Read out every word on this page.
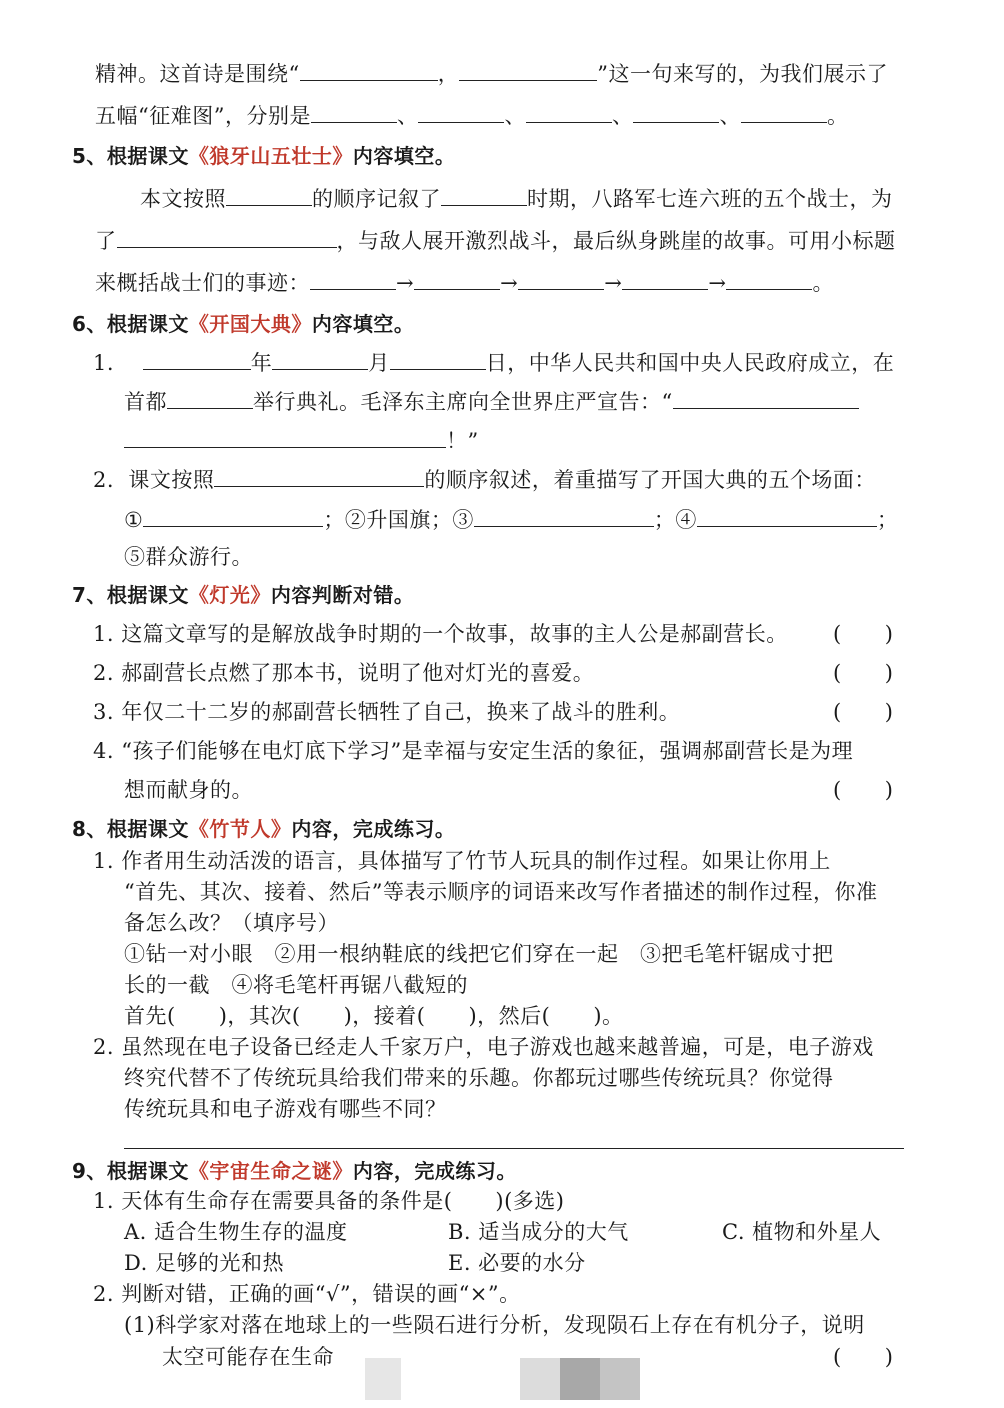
精神。这首诗是围绕“	，	”这一句来写的，为我们展示了
五幅“征难图”，分别是	、	、	、	、	。
5、根据课文《狼牙山五壮士》内容填空。
本文按照	的顺序记叙了	时期，八路军七连六班的五个战士，为
了	，与敌人展开激烈战斗，最后纵身跳崖的故事。可用小标题
来概括战士们的事迹：	→	→	→	→	。
6、根据课文《开国大典》内容填空。
1.	年	月	日，中华人民共和国中央人民政府成立，在
首都	举行典礼。毛泽东主席向全世界庄严宣告：“
！”
2. 课文按照	的顺序叙述，着重描写了开国大典的五个场面：
①	；②升国旗；③	；④	；
⑤群众游行。
7、根据课文《灯光》内容判断对错。
1. 这篇文章写的是解放战争时期的一个故事，故事的主人公是郝副营长。 (　　)
2. 郝副营长点燃了那本书，说明了他对灯光的喜爱。	(　　)
3. 年仅二十二岁的郝副营长牺牲了自己，换来了战斗的胜利。	(　　)
4. “孩子们能够在电灯底下学习”是幸福与安定生活的象征，强调郝副营长是为理
想而献身的。	(　　)
8、根据课文《竹节人》内容，完成练习。
1. 作者用生动活泼的语言，具体描写了竹节人玩具的制作过程。如果让你用上
“首先、其次、接着、然后”等表示顺序的词语来改写作者描述的制作过程，你准
备怎么改？（填序号）
①钻一对小眼　②用一根纳鞋底的线把它们穿在一起　③把毛笔杆锯成寸把
长的一截　④将毛笔杆再锯八截短的
首先(　　)，其次(　　)，接着(　　)，然后(　　)。
2. 虽然现在电子设备已经走人千家万户，电子游戏也越来越普遍，可是，电子游戏
终究代替不了传统玩具给我们带来的乐趣。你都玩过哪些传统玩具？你觉得
传统玩具和电子游戏有哪些不同？
9、根据课文《宇宙生命之谜》内容，完成练习。
1. 天体有生命存在需要具备的条件是(　　)(多选)
A. 适合生物生存的温度	B. 适当成分的大气	C. 植物和外星人
D. 足够的光和热	E. 必要的水分
2. 判断对错，正确的画“√”，错误的画“×”。
(1)科学家对落在地球上的一些陨石进行分析，发现陨石上存在有机分子，说明
太空可能存在生命	(　　)
